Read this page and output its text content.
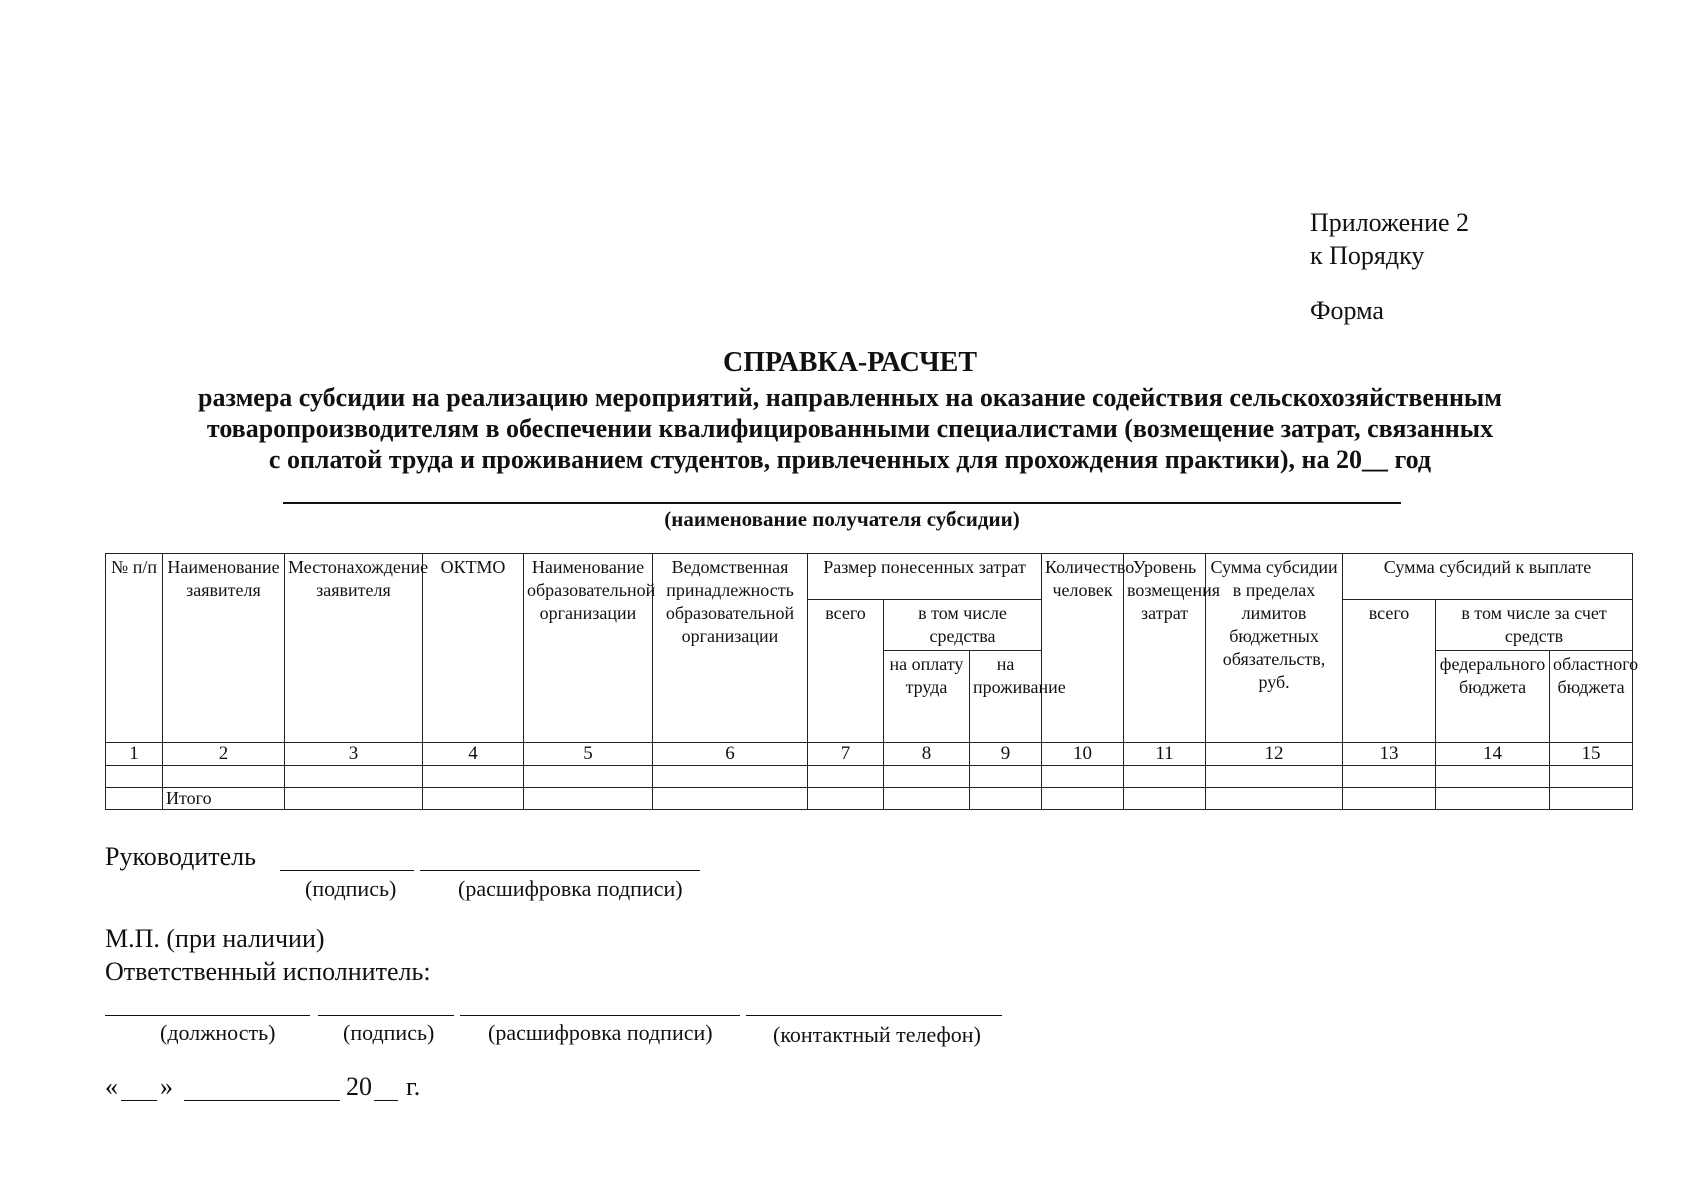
Приложение 2
к Порядку
Форма
СПРАВКА-РАСЧЕТ
размера субсидии на реализацию мероприятий, направленных на оказание содействия сельскохозяйственным
товаропроизводителям в обеспечении квалифицированными специалистами (возмещение затрат, связанных
с оплатой труда и проживанием студентов, привлеченных для прохождения практики), на 20__ год
(наименование получателя субсидии)
№ п/п	Наименование заявителя	Местонахождение заявителя	ОКТМО	Наименование образовательной организации	Ведомственная принадлежность образовательной организации	Размер понесенных затрат			Количество человек	Уровень возмещения затрат	Сумма субсидии в пределах лимитов бюджетных обязательств, руб.	Сумма субсидий к выплате		
						всего	в том числе средства					всего	в том числе за счет средств	
							на оплату труда	на проживание					федерального бюджета	областного бюджета
1	2	3	4	5	6	7	8	9	10	11	12	13	14	15

	Итого													
Руководитель
(подпись)	(расшифровка подписи)
М.П. (при наличии)
Ответственный исполнитель:
(должность)	(подпись) (расшифровка подписи)	(контактный телефон)
« »	20 г.
